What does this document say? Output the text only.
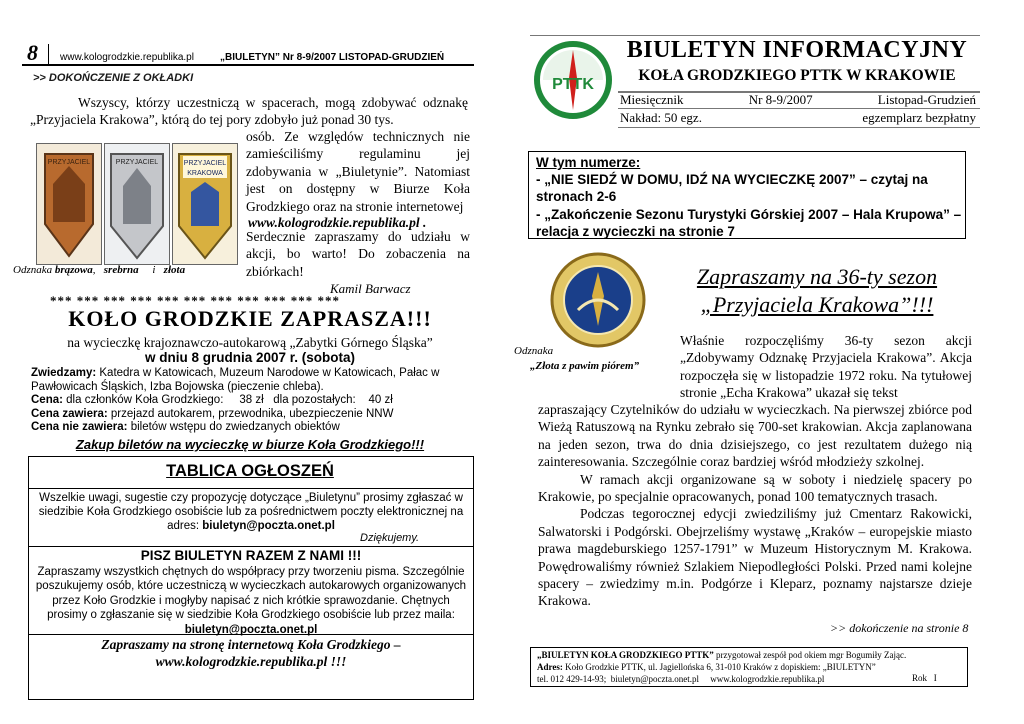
8 www.kologrodzkie.republika.pl	„BIULETYN” Nr 8-9/2007 LISTOPAD-GRUDZIEŃ
>> DOKOŃCZENIE Z OKŁADKI
Wszyscy, którzy uczestniczą w spacerach, mogą zdobywać odznakę „Przyjaciela Krakowa”, którą do tej pory zdobyło już ponad 30 tys.
PRZYJACIEL	PRZYJACIEL	PRZYJACIEL
KRAKOWA
osób. Ze względów technicznych nie zamieściliśmy regulaminu jej zdobywania w „Biuletynie”. Natomiast jest on dostępny w Biurze Koła Grodzkiego oraz na stronie internetowej
www.kologrodzkie.republika.pl .
Serdecznie zapraszamy do udziału w akcji, bo warto! Do zobaczenia na zbiórkach!
Odznaka brązowa,   srebrna i złota
Kamil Barwacz
*** *** *** *** *** *** *** *** *** *** ***
KOŁO GRODZKIE ZAPRASZA!!!
na wycieczkę krajoznawczo-autokarową „Zabytki Górnego Śląska”
w dniu 8 grudnia 2007 r. (sobota)
Zwiedzamy: Katedra w Katowicach, Muzeum Narodowe w Katowicach, Pałac w Pawłowicach Śląskich, Izba Bojowska (pieczenie chleba).
Cena: dla członków Koła Grodzkiego:     38 zł   dla pozostałych:    40 zł
Cena zawiera: przejazd autokarem, przewodnika, ubezpieczenie NNW
Cena nie zawiera: biletów wstępu do zwiedzanych obiektów
Zakup biletów na wycieczkę w biurze Koła Grodzkiego!!!
TABLICA OGŁOSZEŃ
Wszelkie uwagi, sugestie czy propozycję dotyczące „Biuletynu” prosimy zgłaszać w siedzibie Koła Grodzkiego osobiście lub za pośrednictwem poczty elektronicznej na adres: biuletyn@poczta.onet.pl
Dziękujemy.
PISZ BIULETYN RAZEM Z NAMI !!!
Zapraszamy wszystkich chętnych do współpracy przy tworzeniu pisma. Szczególnie poszukujemy osób, które uczestniczą w wycieczkach autokarowych organizowanych przez Koło Grodzkie i mogłyby napisać z nich krótkie sprawozdanie. Chętnych prosimy o zgłaszanie się w siedzibie Koła Grodzkiego osobiście lub przez maila: biuletyn@poczta.onet.pl
Zapraszamy na stronę internetową Koła Grodzkiego –
www.kologrodzkie.republika.pl !!!
PTTK
BIULETYN INFORMACYJNY
KOŁA GRODZKIEGO PTTK W KRAKOWIE
Miesięcznik	Nr 8-9/2007	Listopad-Grudzień
Nakład: 50 egz.	egzemplarz bezpłatny
W tym numerze:
- „NIE SIEDŹ W DOMU, IDŹ NA WYCIECZKĘ 2007” – czytaj na stronach 2-6
- „Zakończenie Sezonu Turystyki Górskiej 2007 – Hala Krupowa” – relacja z wycieczki na stronie 7
Odznaka
„Złota z pawim piórem”
Zapraszamy na 36-ty sezon
„Przyjaciela Krakowa”!!!
Właśnie rozpoczęliśmy 36-ty sezon akcji „Zdobywamy Odznakę Przyjaciela Krakowa”. Akcja rozpoczęła się w listopadzie 1972 roku. Na tytułowej stronie „Echa Krakowa” ukazał się tekst

zapraszający Czytelników do udziału w wycieczkach. Na pierwszej zbiórce pod Wieżą Ratuszową na Rynku zebrało się 700-set krakowian. Akcja zaplanowana na jeden sezon, trwa do dnia dzisiejszego, co jest rezultatem dużego nią zainteresowania. Szczególnie coraz bardziej wśród młodzieży szkolnej.

W ramach akcji organizowane są w soboty i niedzielę spacery po Krakowie, po specjalnie opracowanych, ponad 100 tematycznych trasach.

Podczas tegorocznej edycji zwiedziliśmy już Cmentarz Rakowicki, Salwatorski i Podgórski. Obejrzeliśmy wystawę „Kraków – europejskie miasto prawa magdeburskiego 1257-1791” w Muzeum Historycznym M. Krakowa. Powędrowaliśmy również Szlakiem Niepodległości Polski. Przed nami kolejne spacery – zwiedzimy m.in. Podgórze i Kleparz, poznamy najstarsze dzieje Krakowa.

>> dokończenie na stronie 8
„BIULETYN KOŁA GRODZKIEGO PTTK” przygotował zespół pod okiem mgr Bogumiły Zając.
Adres: Koło Grodzkie PTTK, ul. Jagiellońska 6, 31-010 Kraków z dopiskiem: „BIULETYN”
tel. 012 429-14-93;  biuletyn@poczta.onet.pl     www.kologrodzkie.republika.pl	Rok   I
